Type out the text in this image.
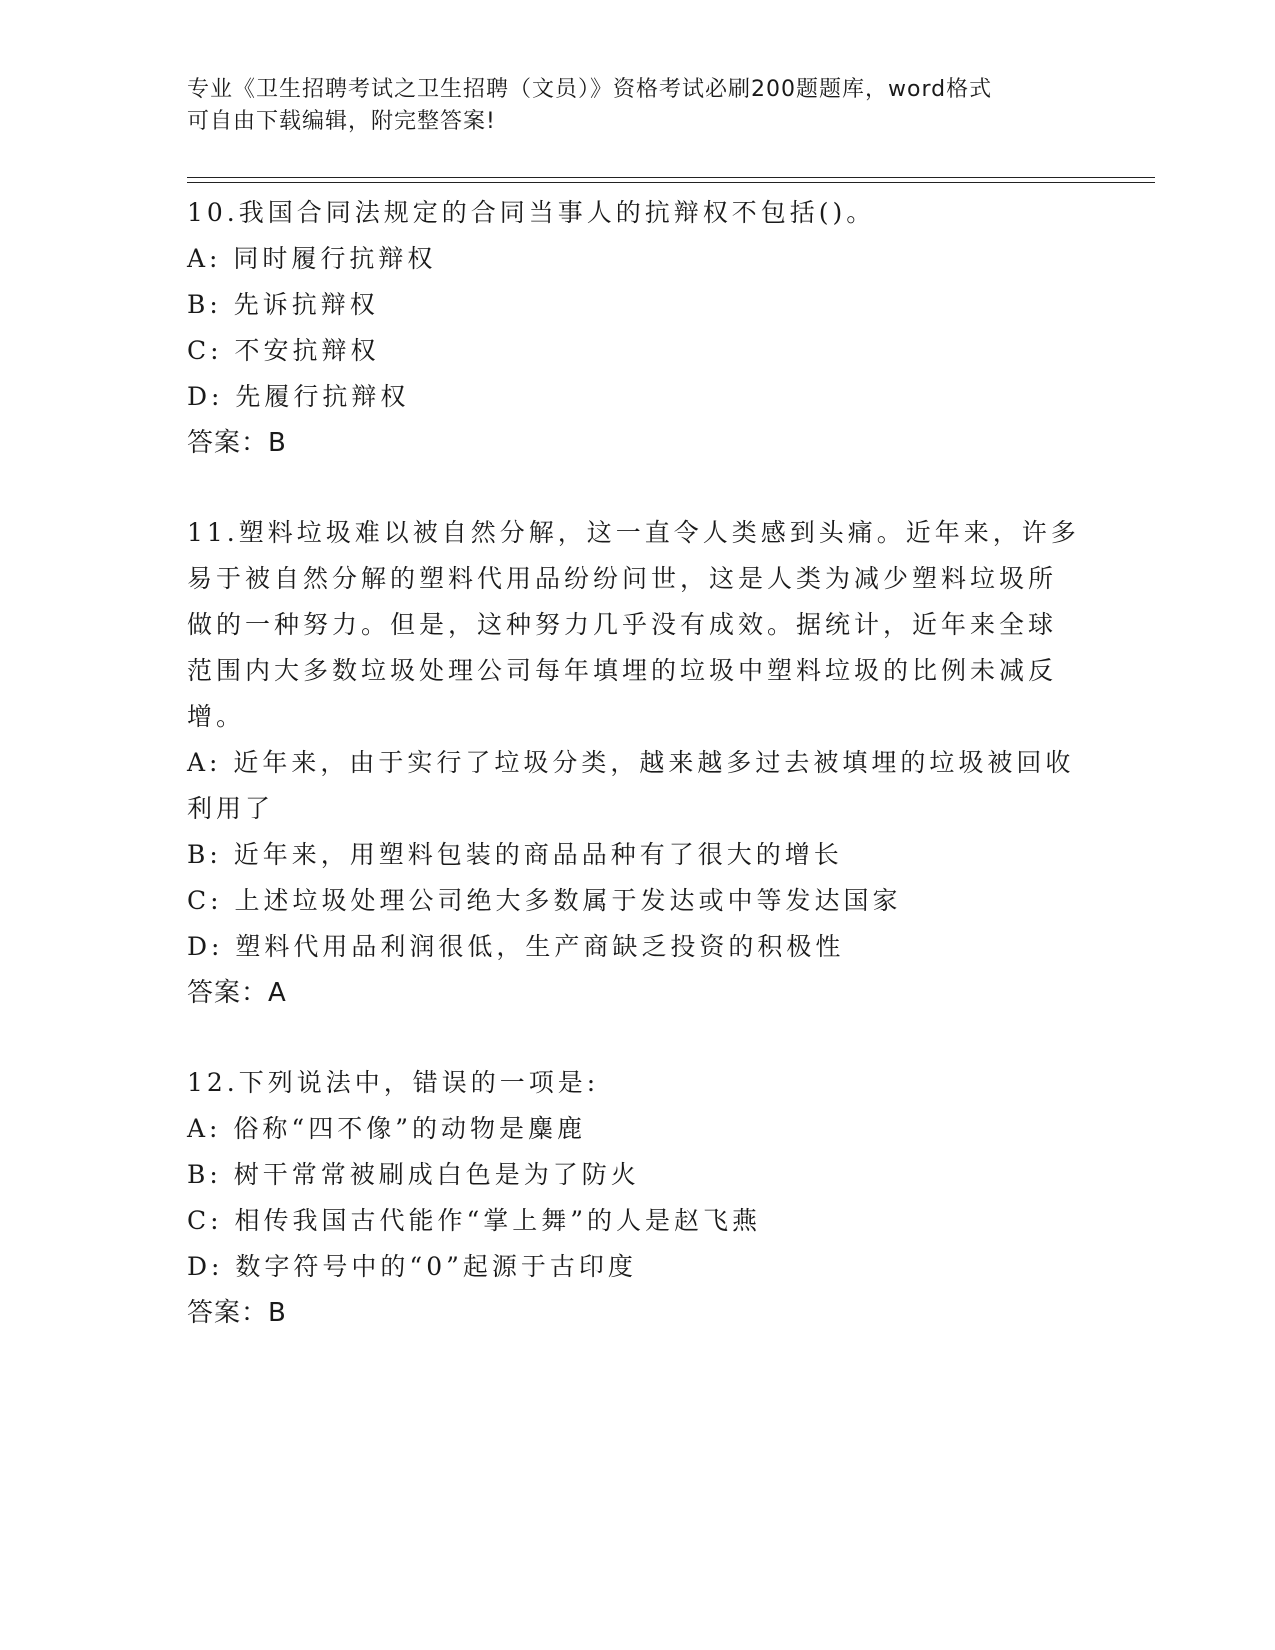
专业《卫生招聘考试之卫生招聘（文员）》资格考试必刷200题题库，word格式
可自由下载编辑，附完整答案!

10.我国合同法规定的合同当事人的抗辩权不包括()。

A: 同时履行抗辩权

B: 先诉抗辩权

C: 不安抗辩权

D: 先履行抗辩权

答案：B

11.塑料垃圾难以被自然分解，这一直令人类感到头痛。近年来，许多

易于被自然分解的塑料代用品纷纷问世，这是人类为减少塑料垃圾所

做的一种努力。但是，这种努力几乎没有成效。据统计，近年来全球

范围内大多数垃圾处理公司每年填埋的垃圾中塑料垃圾的比例未减反

增。

A: 近年来，由于实行了垃圾分类，越来越多过去被填埋的垃圾被回收

利用了

B: 近年来，用塑料包装的商品品种有了很大的增长

C: 上述垃圾处理公司绝大多数属于发达或中等发达国家

D: 塑料代用品利润很低，生产商缺乏投资的积极性

答案：A

12.下列说法中，错误的一项是:

A: 俗称“四不像”的动物是麋鹿

B: 树干常常被刷成白色是为了防火

C: 相传我国古代能作“掌上舞”的人是赵飞燕

D: 数字符号中的“0”起源于古印度

答案：B
